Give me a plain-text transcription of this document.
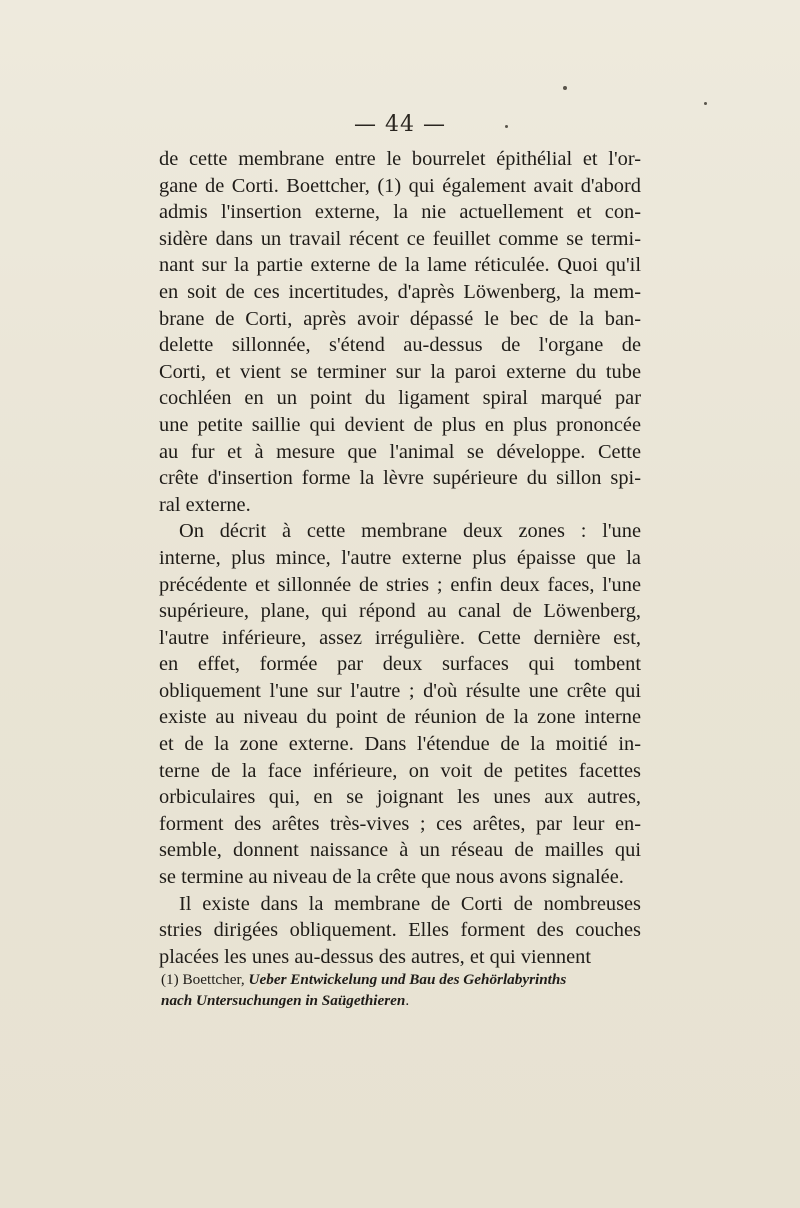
— 44 —
de cette membrane entre le bourrelet épithélial et l'or-
gane de Corti. Boettcher, (1) qui également avait d'abord
admis l'insertion externe, la nie actuellement et con-
sidère dans un travail récent ce feuillet comme se termi-
nant sur la partie externe de la lame réticulée. Quoi qu'il
en soit de ces incertitudes, d'après Löwenberg, la mem-
brane de Corti, après avoir dépassé le bec de la ban-
delette sillonnée, s'étend au-dessus de l'organe de
Corti, et vient se terminer sur la paroi externe du tube
cochléen en un point du ligament spiral marqué par
une petite saillie qui devient de plus en plus prononcée
au fur et à mesure que l'animal se développe. Cette
crête d'insertion forme la lèvre supérieure du sillon spi-
ral externe.
On décrit à cette membrane deux zones : l'une
interne, plus mince, l'autre externe plus épaisse que la
précédente et sillonnée de stries ; enfin deux faces, l'une
supérieure, plane, qui répond au canal de Löwenberg,
l'autre inférieure, assez irrégulière. Cette dernière est,
en effet, formée par deux surfaces qui tombent
obliquement l'une sur l'autre ; d'où résulte une crête qui
existe au niveau du point de réunion de la zone interne
et de la zone externe. Dans l'étendue de la moitié in-
terne de la face inférieure, on voit de petites facettes
orbiculaires qui, en se joignant les unes aux autres,
forment des arêtes très-vives ; ces arêtes, par leur en-
semble, donnent naissance à un réseau de mailles qui
se termine au niveau de la crête que nous avons signalée.
Il existe dans la membrane de Corti de nombreuses
stries dirigées obliquement. Elles forment des couches
placées les unes au-dessus des autres, et qui viennent
(1) Boettcher, Ueber Entwickelung und Bau des Gehörlabyrinths
nach Untersuchungen in Saügethieren.
